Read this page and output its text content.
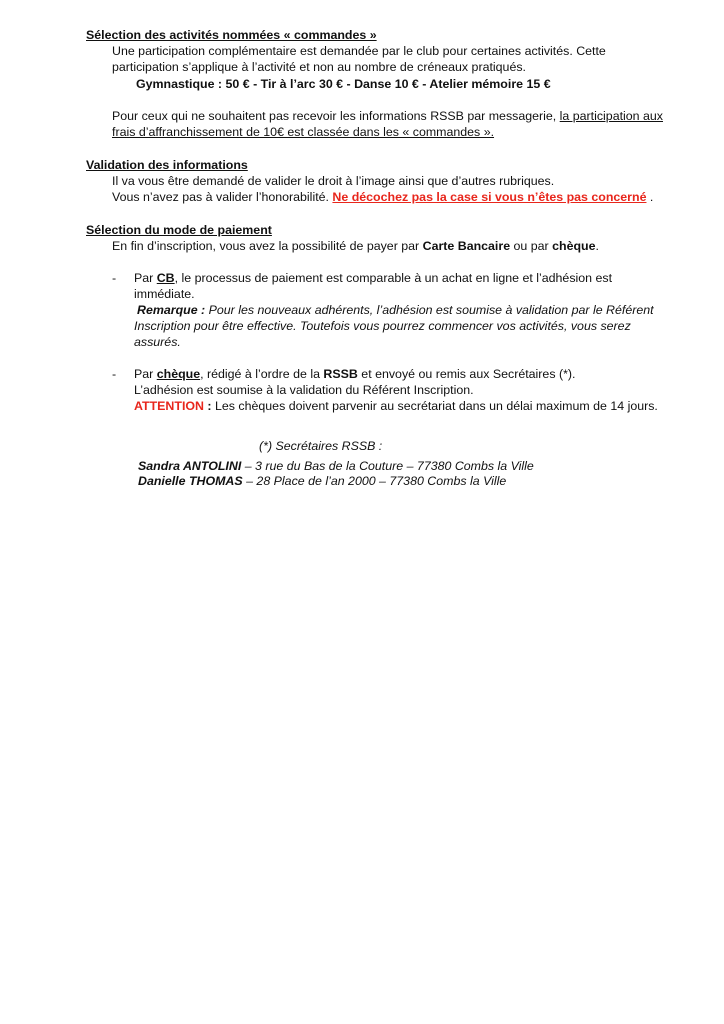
Sélection des activités nommées « commandes »
Une participation complémentaire est demandée par le club pour certaines activités. Cette
participation s’applique à l’activité et non au nombre de créneaux pratiqués.
Gymnastique : 50 € - Tir à l’arc 30 € - Danse 10 € - Atelier mémoire 15 €
Pour ceux qui ne souhaitent pas recevoir les informations RSSB par messagerie, la participation aux
frais d’affranchissement de 10€ est classée dans les « commandes ».
Validation des informations
Il va vous être demandé de valider le droit à l’image ainsi que d’autres rubriques.
Vous n’avez pas à valider l’honorabilité. Ne décochez pas la case si vous n’êtes pas concerné .
Sélection du mode de paiement
En fin d’inscription, vous avez la possibilité de payer par Carte Bancaire ou par chèque.
- Par CB, le processus de paiement est comparable à un achat en ligne et l’adhésion est
immédiate.
Remarque : Pour les nouveaux adhérents, l’adhésion est soumise à validation par le Référent
Inscription pour être effective. Toutefois vous pourrez commencer vos activités, vous serez
assurés.
- Par chèque, rédigé à l’ordre de la RSSB et envoyé ou remis aux Secrétaires (*).
L’adhésion est soumise à la validation du Référent Inscription.
ATTENTION : Les chèques doivent parvenir au secrétariat dans un délai maximum de 14 jours.
(*) Secrétaires RSSB :
Sandra ANTOLINI – 3 rue du Bas de la Couture – 77380 Combs la Ville
Danielle THOMAS – 28 Place de l’an 2000 – 77380 Combs la Ville
